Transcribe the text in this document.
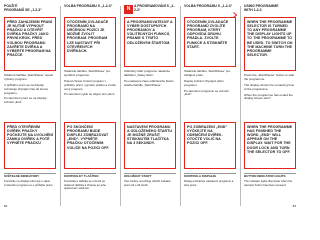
POUŽITÍ
PROGRAMŮ SE „1-2-3“
PŘED ZAHÁJENÍM PRANÍ JE NUTNÉ VYPNOUT PRAČKU A OTEVŘÍT DVÍŘKA PRAČKY JAKO PRVNÍ KROK. PŘED VOLBOU PROGRAMU ZAVŘETE DVÍŘKA A VYBERTE PROGRAM NA PRAČCE

Stisknutí tlačítka „Start/Pause“ spustí vybraný program.

V průběhu praní se na displeji zobrazuje zbývající čas do konce programu.

Po skončení praní se na displeji zobrazí „End“.

PŘED OTEVŘENÍM DVÍŘEK PRAČKY POČKEJTE NA UVOLNĚNÍ ZÁMKU DVÍŘEK A POTÉ VYPNĚTE PRAČKU
SVĚTELNÉ INDIKÁTORY
Kontrolky na displeji informují o stavu zvoleného programu a o průběhu praní.
82
VOLBA PROGRAMU S „1-2-3“
OTOČENÍM OVLADAČE PROGRAMŮ NA URČENOU POZICI JE MOŽNÉ ZVOLIT PROGRAM. PROGRAM LZE NASTAVIT PŘI OTEVŘENÝCH DVÍŘKÁCH.

Stiskněte tlačítko „Start/Pause“ pro spuštění programu.

Pokud chcete změnit program v průběhu praní, vypněte pračku a zvolte nový program.

Po skončení cyklu se objeví text „End“.

PO SKONČENÍ PROGRAMU BUDE DISPLEJ ZOBRAZOVAT „END“. VYPNĚTE PRAČKU OTOČENÍM VOLIČE NA POZICI OFF.
KONTROLKY TLAČÍTEK
Kontrolka u tlačítka se rozsvítí po stisknutí tlačítka a zhasne po jeho opětovném stisknutí.
N	A PROGRAMOVÁNÍ S „1-2-3“
A PROGRAMOVATEĽNÝ A VYBER DOSTUPNÝCH PROGRAMOV A VOLITEĽNÝCH FUNKCIÍ, PRANIE S TÝMTO ODLOŽENÝM ŠTARTOM.

Odložený štart programu nastavíte tlačidlom „Delay Start“.

Po nastavení času odloženého štartu stlačte tlačidlo „Start/Pause“.

NASTAVENÍ PROGRAMU A ODLOŽENÉHO ŠTARTU JE MOŽNÉ ZRUŠIT STISKNUTÍM TLAČÍTKA NA 3 SEKUNDY.
ODLOŽENÝ START
Tato funkce umožňuje odložit začátek praní až o 24 hodin.
VOLBA PROGRAMU S „1-2-3“
OTOČENÍM OVLADAČE PROGRAMŮ ZVOLÍTE PROGRAM, KTERÝ ODPOVÍDÁ DRUHU PRÁDLA. ZVOLTE FUNKCE A STISKNĚTE START.

Stiskněte tlačítko „Start/Pause“ pro zahájení praní.

Displej zobrazí zbývající dobu programu.

Po skončení programu se zobrazí „End“.

PO ZOBRAZENÍ „END“ VYČKEJTE NA ODEMČENÍ DVÍŘEK. OTOČTE VOLIČ NA POZICI OFF.
KONTROLA DISPLEJE
Displej zobrazuje nastavení programu a stav praní.
USING PROGRAMME
WITH 1-2-3
WHEN THE PROGRAMME SELECTOR IS TURNED TO ANY PROGRAMME THE DISPLAY LIGHTS UP TO THE PROGRAMME TO BE USED. TO SWITCH ON THE MACHINE TURN THE PROGRAMME SELECTOR.

Press the „Start/Pause“ button to start the programme.

The display shows the remaining time of the programme.

When the programme has ended the display shows „End“.

WHEN THE PROGRAMME HAS FINISHED THE WORD „END“ WILL APPEAR ON THE DISPLAY. WAIT FOR THE DOOR LOCK AND TURN THE SELECTOR TO OFF.
BUTTON INDICATOR LIGHTS
The indicator lights illuminate when the relevant button has been pressed.
83
